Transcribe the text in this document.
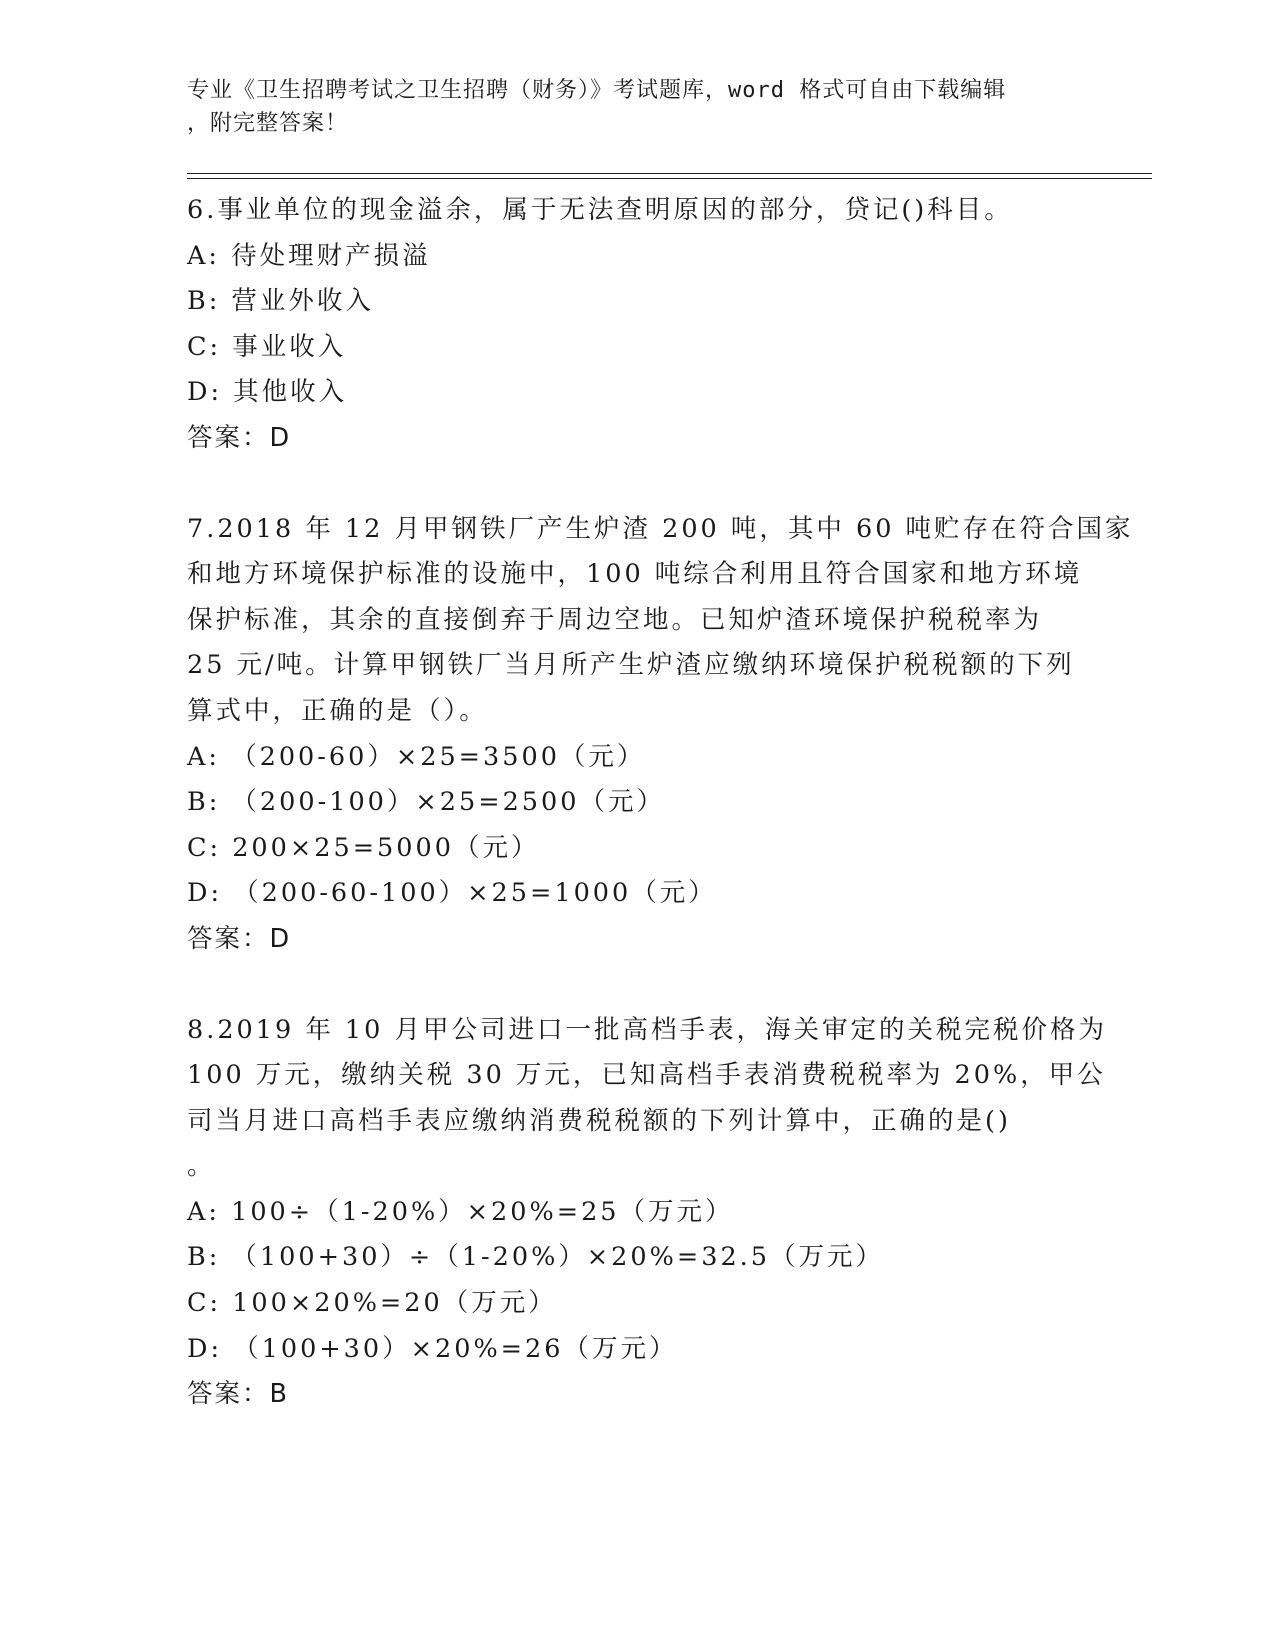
专业《卫生招聘考试之卫生招聘（财务）》考试题库，word 格式可自由下载编辑
，附完整答案！
6.事业单位的现金溢余，属于无法查明原因的部分，贷记()科目。
A: 待处理财产损溢
B: 营业外收入
C: 事业收入
D: 其他收入
答案：D
7.2018 年 12 月甲钢铁厂产生炉渣 200 吨，其中 60 吨贮存在符合国家
和地方环境保护标准的设施中，100 吨综合利用且符合国家和地方环境
保护标准，其余的直接倒弃于周边空地。已知炉渣环境保护税税率为
25 元/吨。计算甲钢铁厂当月所产生炉渣应缴纳环境保护税税额的下列
算式中，正确的是（）。
A: （200-60）×25=3500（元）
B: （200-100）×25=2500（元）
C: 200×25=5000（元）
D: （200-60-100）×25=1000（元）
答案：D
8.2019 年 10 月甲公司进口一批高档手表，海关审定的关税完税价格为
100 万元，缴纳关税 30 万元，已知高档手表消费税税率为 20%，甲公
司当月进口高档手表应缴纳消费税税额的下列计算中，正确的是()
。
A: 100÷（1-20%）×20%=25（万元）
B: （100+30）÷（1-20%）×20%=32.5（万元）
C: 100×20%=20（万元）
D: （100+30）×20%=26（万元）
答案：B
